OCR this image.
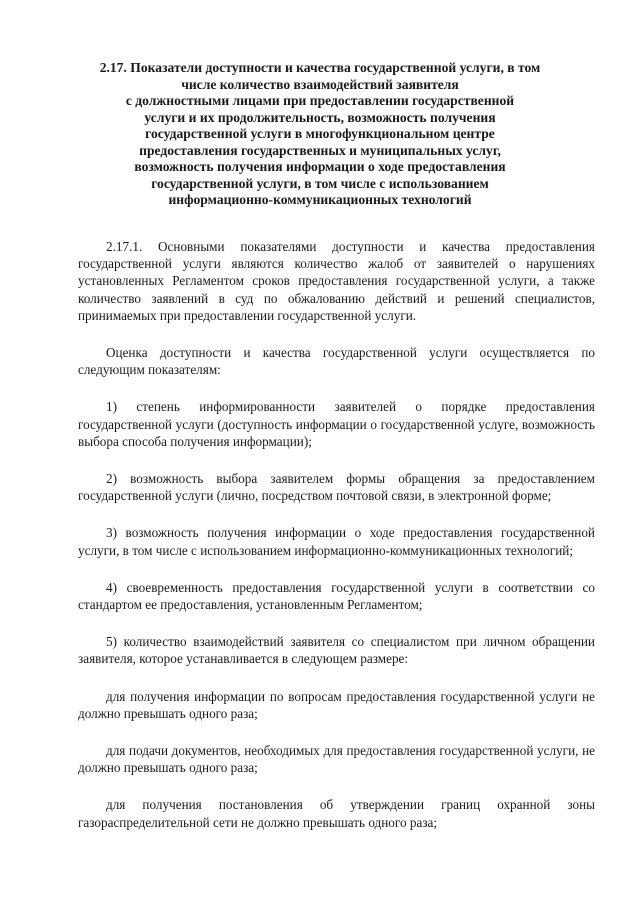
2.17. Показатели доступности и качества государственной услуги, в том
числе количество взаимодействий заявителя
с должностными лицами при предоставлении государственной
услуги и их продолжительность, возможность получения
государственной услуги в многофункциональном центре
предоставления государственных и муниципальных услуг,
возможность получения информации о ходе предоставления
государственной услуги, в том числе с использованием
информационно-коммуникационных технологий

2.17.1. Основными показателями доступности и качества предоставления государственной услуги являются количество жалоб от заявителей о нарушениях установленных Регламентом сроков предоставления государственной услуги, а также количество заявлений в суд по обжалованию действий и решений специалистов, принимаемых при предоставлении государственной услуги.

Оценка доступности и качества государственной услуги осуществляется по следующим показателям:

1) степень информированности заявителей о порядке предоставления государственной услуги (доступность информации о государственной услуге, возможность выбора способа получения информации);

2) возможность выбора заявителем формы обращения за предоставлением государственной услуги (лично, посредством почтовой связи, в электронной форме;

3) возможность получения информации о ходе предоставления государственной услуги, в том числе с использованием информационно-коммуникационных технологий;

4) своевременность предоставления государственной услуги в соответствии со стандартом ее предоставления, установленным Регламентом;

5) количество взаимодействий заявителя со специалистом при личном обращении заявителя, которое устанавливается в следующем размере:

для получения информации по вопросам предоставления государственной услуги не должно превышать одного раза;

для подачи документов, необходимых для предоставления государственной услуги, не должно превышать одного раза;

для получения постановления об утверждении границ охранной зоны газораспределительной сети не должно превышать одного раза;
